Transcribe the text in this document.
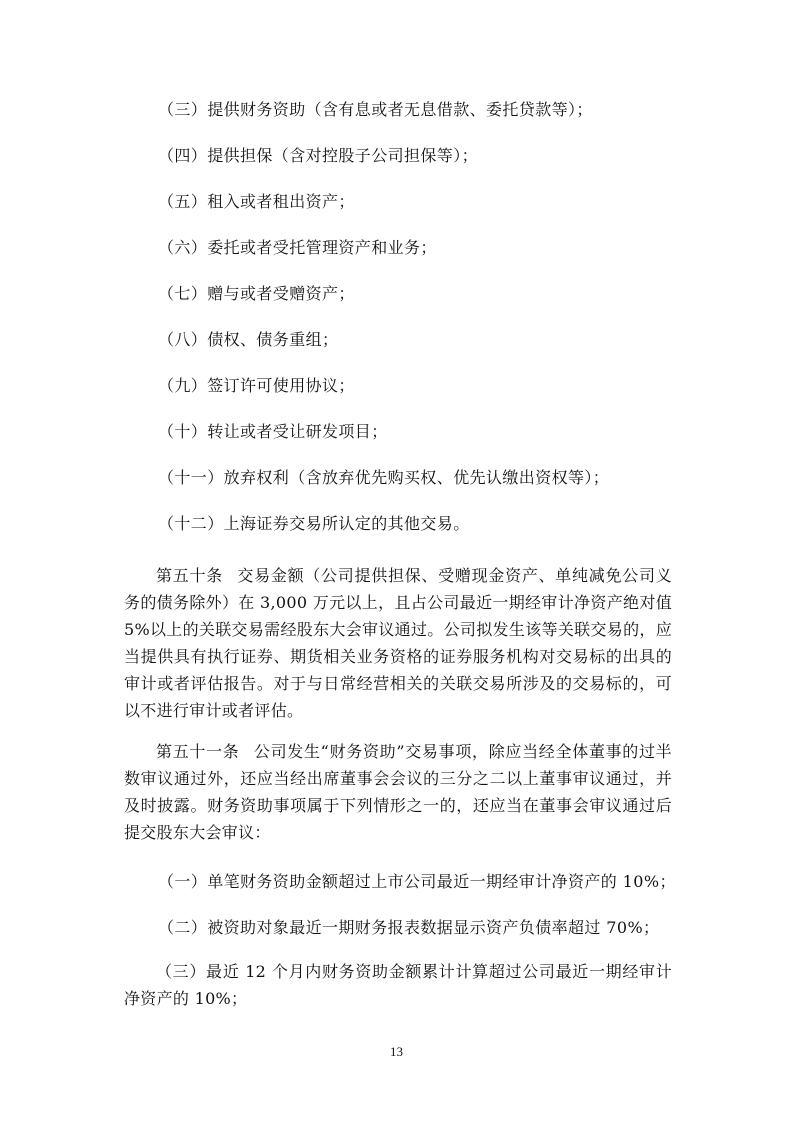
（三）提供财务资助（含有息或者无息借款、委托贷款等）；
（四）提供担保（含对控股子公司担保等）；
（五）租入或者租出资产；
（六）委托或者受托管理资产和业务；
（七）赠与或者受赠资产；
（八）债权、债务重组；
（九）签订许可使用协议；
（十）转让或者受让研发项目；
（十一）放弃权利（含放弃优先购买权、优先认缴出资权等）；
（十二）上海证券交易所认定的其他交易。

第五十条 交易金额（公司提供担保、受赠现金资产、单纯减免公司义务的债务除外）在 3,000 万元以上，且占公司最近一期经审计净资产绝对值 5%以上的关联交易需经股东大会审议通过。公司拟发生该等关联交易的，应当提供具有执行证券、期货相关业务资格的证券服务机构对交易标的出具的审计或者评估报告。对于与日常经营相关的关联交易所涉及的交易标的，可以不进行审计或者评估。

第五十一条 公司发生“财务资助”交易事项，除应当经全体董事的过半数审议通过外，还应当经出席董事会会议的三分之二以上董事审议通过，并及时披露。财务资助事项属于下列情形之一的，还应当在董事会审议通过后提交股东大会审议：

（一）单笔财务资助金额超过上市公司最近一期经审计净资产的 10%；
（二）被资助对象最近一期财务报表数据显示资产负债率超过 70%；

（三）最近 12 个月内财务资助金额累计计算超过公司最近一期经审计净资产的 10%；

13
